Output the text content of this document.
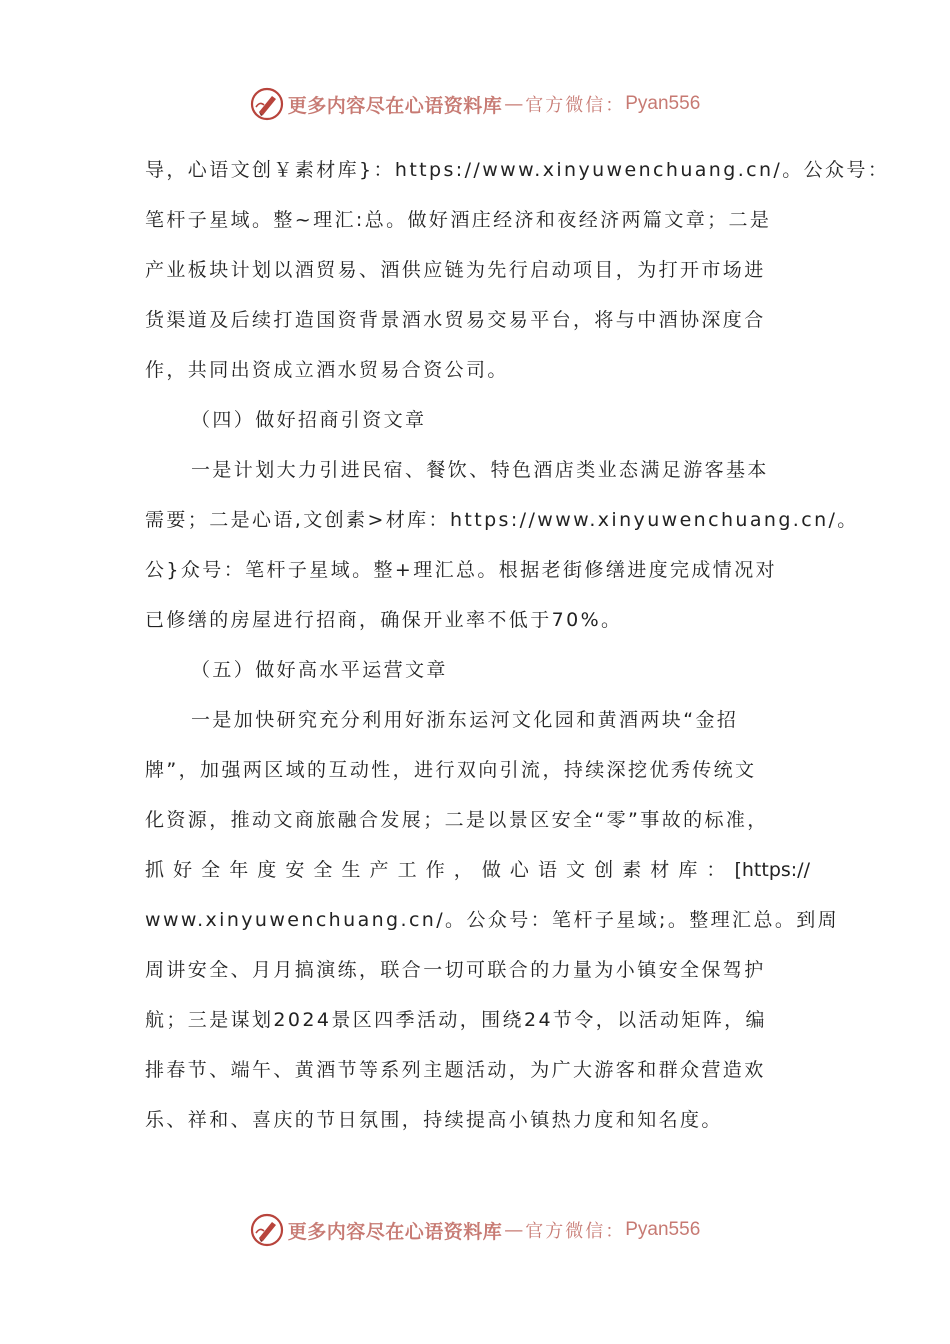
更多内容尽在心语资料库 — 官方微信： Pyan556
导，心语文创￥素材库}：https://www.xinyuwenchuang.cn/。公众号：
笔杆子星域。整~理汇:总。做好酒庄经济和夜经济两篇文章；二是
产业板块计划以酒贸易、酒供应链为先行启动项目，为打开市场进
货渠道及后续打造国资背景酒水贸易交易平台，将与中酒协深度合
作，共同出资成立酒水贸易合资公司。
（四）做好招商引资文章
一是计划大力引进民宿、餐饮、特色酒店类业态满足游客基本
需要；二是心语,文创素>材库：https://www.xinyuwenchuang.cn/。
公}众号：笔杆子星域。整+理汇总。根据老街修缮进度完成情况对
已修缮的房屋进行招商，确保开业率不低于70%。
（五）做好高水平运营文章
一是加快研究充分利用好浙东运河文化园和黄酒两块“金招
牌”，加强两区域的互动性，进行双向引流，持续深挖优秀传统文
化资源，推动文商旅融合发展；二是以景区安全“零”事故的标准，
抓好全年度安全生产工作，做心语文创素材库：[https://
www.xinyuwenchuang.cn/。公众号：笔杆子星域;。整理汇总。到周
周讲安全、月月搞演练，联合一切可联合的力量为小镇安全保驾护
航；三是谋划2024景区四季活动，围绕24节令，以活动矩阵，编
排春节、端午、黄酒节等系列主题活动，为广大游客和群众营造欢
乐、祥和、喜庆的节日氛围，持续提高小镇热力度和知名度。
更多内容尽在心语资料库 — 官方微信： Pyan556
